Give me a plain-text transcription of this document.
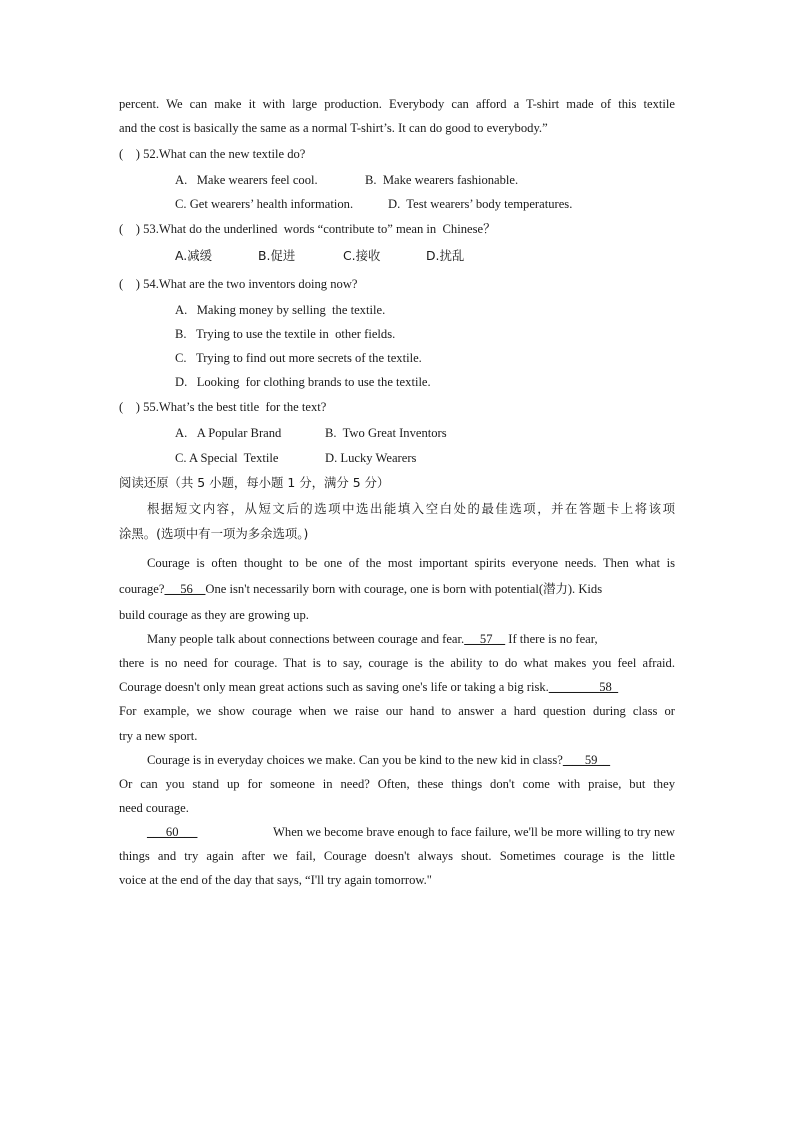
percent. We can make it with large production. Everybody can afford a T-shirt made of this textile
and the cost is basically the same as a normal T-shirt’s. It can do good to everybody.”
(    ) 52.What can the new textile do?
A.   Make wearers feel cool.	B.  Make wearers fashionable.
C. Get wearers’ health information.	D.  Test wearers’ body temperatures.
(    ) 53.What do the underlined  words “contribute to” mean in  Chinese？
A.减缓	B.促进	C.接收	D.扰乱
(    ) 54.What are the two inventors doing now?
A.   Making money by selling  the textile.
B.   Trying to use the textile in  other fields.
C.   Trying to find out more secrets of the textile.
D.   Looking  for clothing brands to use the textile.
(    ) 55.What’s the best title  for the text?
A.   A Popular Brand	B.  Two Great Inventors
C. A Special  Textile	D. Lucky Wearers
阅读还原（共 5 小题，每小题 1 分，满分 5 分）
根据短文内容，从短文后的选项中选出能填入空白处的最佳选项，并在答题卡上将该项
涂黑。(选项中有一项为多余选项。)
Courage is often thought to be one of the most important spirits everyone needs. Then what is
courage? __56__One isn't necessarily born with courage, one is born with potential(潜力). Kids
build courage as they are growing up.
Many people talk about connections between courage and fear. __57__ If there is no fear,
there is no need for courage. That is to say, courage is the ability to do what makes you feel afraid.
Courage doesn't only mean great actions such as saving one's life or taking a big risk.________58_
For example, we show courage when we raise our hand to answer a hard question during class or
try a new sport.
Courage is in everyday choices we make. Can you be kind to the new kid in class? ___59__
Or can you stand up for someone in need? Often, these things don't come with praise, but they
need courage.
___60___	When we become brave enough to face failure, we'll be more willing to try new
things and try again after we fail, Courage doesn't always shout. Sometimes courage is the little
voice at the end of the day that says, “I'll try again tomorrow."
